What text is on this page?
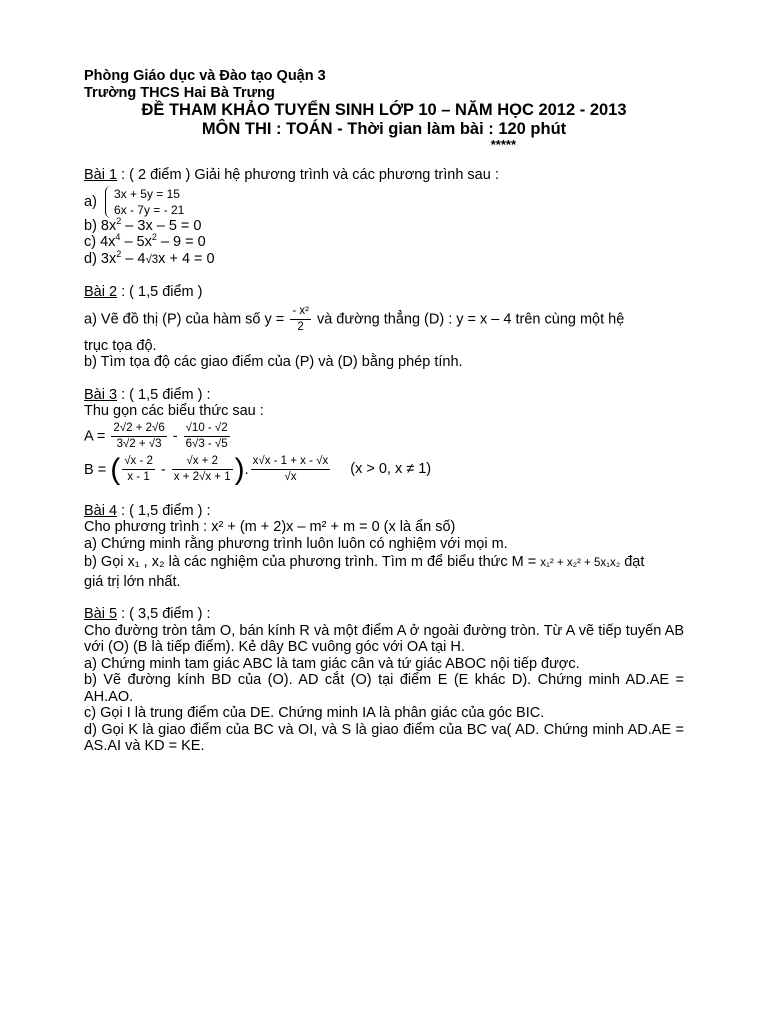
Phòng Giáo dục và Đào tạo Quận 3
Trường THCS Hai Bà Trưng
ĐỀ THAM KHẢO TUYỂN SINH LỚP 10 – NĂM HỌC 2012 - 2013
MÔN THI : TOÁN - Thời gian làm bài : 120 phút
*****
Bài 1 : ( 2 điểm ) Giải hệ phương trình và các phương trình sau :
a) 3x + 5y = 15
6x - 7y = - 21
b) $8x^2 - 3x - 5 = 0$
c) $4x^4 - 5x^2 - 9 = 0$
d) $3x^2 - 4√3x + 4 = 0$
Bài 2 : ( 1,5 điểm )
a) Vẽ đồ thị (P) của hàm số $y = \frac{\text{- x²}}{2}$ và đường thẳng (D) : y = x – 4 trên cùng một hệ
trục tọa độ.
b) Tìm tọa độ các giao điểm của (P) và (D) bằng phép tính.
Bài 3 : ( 1,5 điểm ) :
Thu gọn các biểu thức sau :
$A = \frac{2√2 + 2√6}{3√2 + √3} - \frac{√10 - √2}{6√3 - √5}$
B = ( $\frac{√x - 2}{x - 1} - \frac{√x + 2}{x + 2√x + 1}$ ). $\frac{x√x - 1 + x - √x}{√x} (x > 0$, x ≠ 1)
Bài 4 : ( 1,5 điểm ) :
Cho phương trình : x² + (m + 2)x – m² + m = 0 (x là ẩn số)
a) Chứng minh rằng phương trình luôn luôn có nghiệm với mọi m.
b) Gọi x₁ , x₂ là các nghiệm của phương trình. Tìm m để biểu thức M = x₁² + x₂² + 5x₁x₂ đạt
giá trị lớn nhất.
Bài 5 : ( 3,5 điểm ) :
Cho đường tròn tâm O, bán kính R và một điểm A ở ngoài đường tròn. Từ A vẽ tiếp tuyến AB với (O) (B là tiếp điểm). Kẻ dây BC vuông góc với OA tại H.
a) Chứng minh tam giác ABC là tam giác cân và tứ giác ABOC nội tiếp được.
b) Vẽ đường kính BD của (O). AD cắt (O) tại điểm E (E khác D). Chứng minh AD.AE = AH.AO.
c) Gọi I là trung điểm của DE. Chứng minh IA là phân giác của góc BIC.
d) Gọi K là giao điểm của BC và OI, và S là giao điểm của BC va( AD. Chứng minh AD.AE = AS.AI và KD = KE.
